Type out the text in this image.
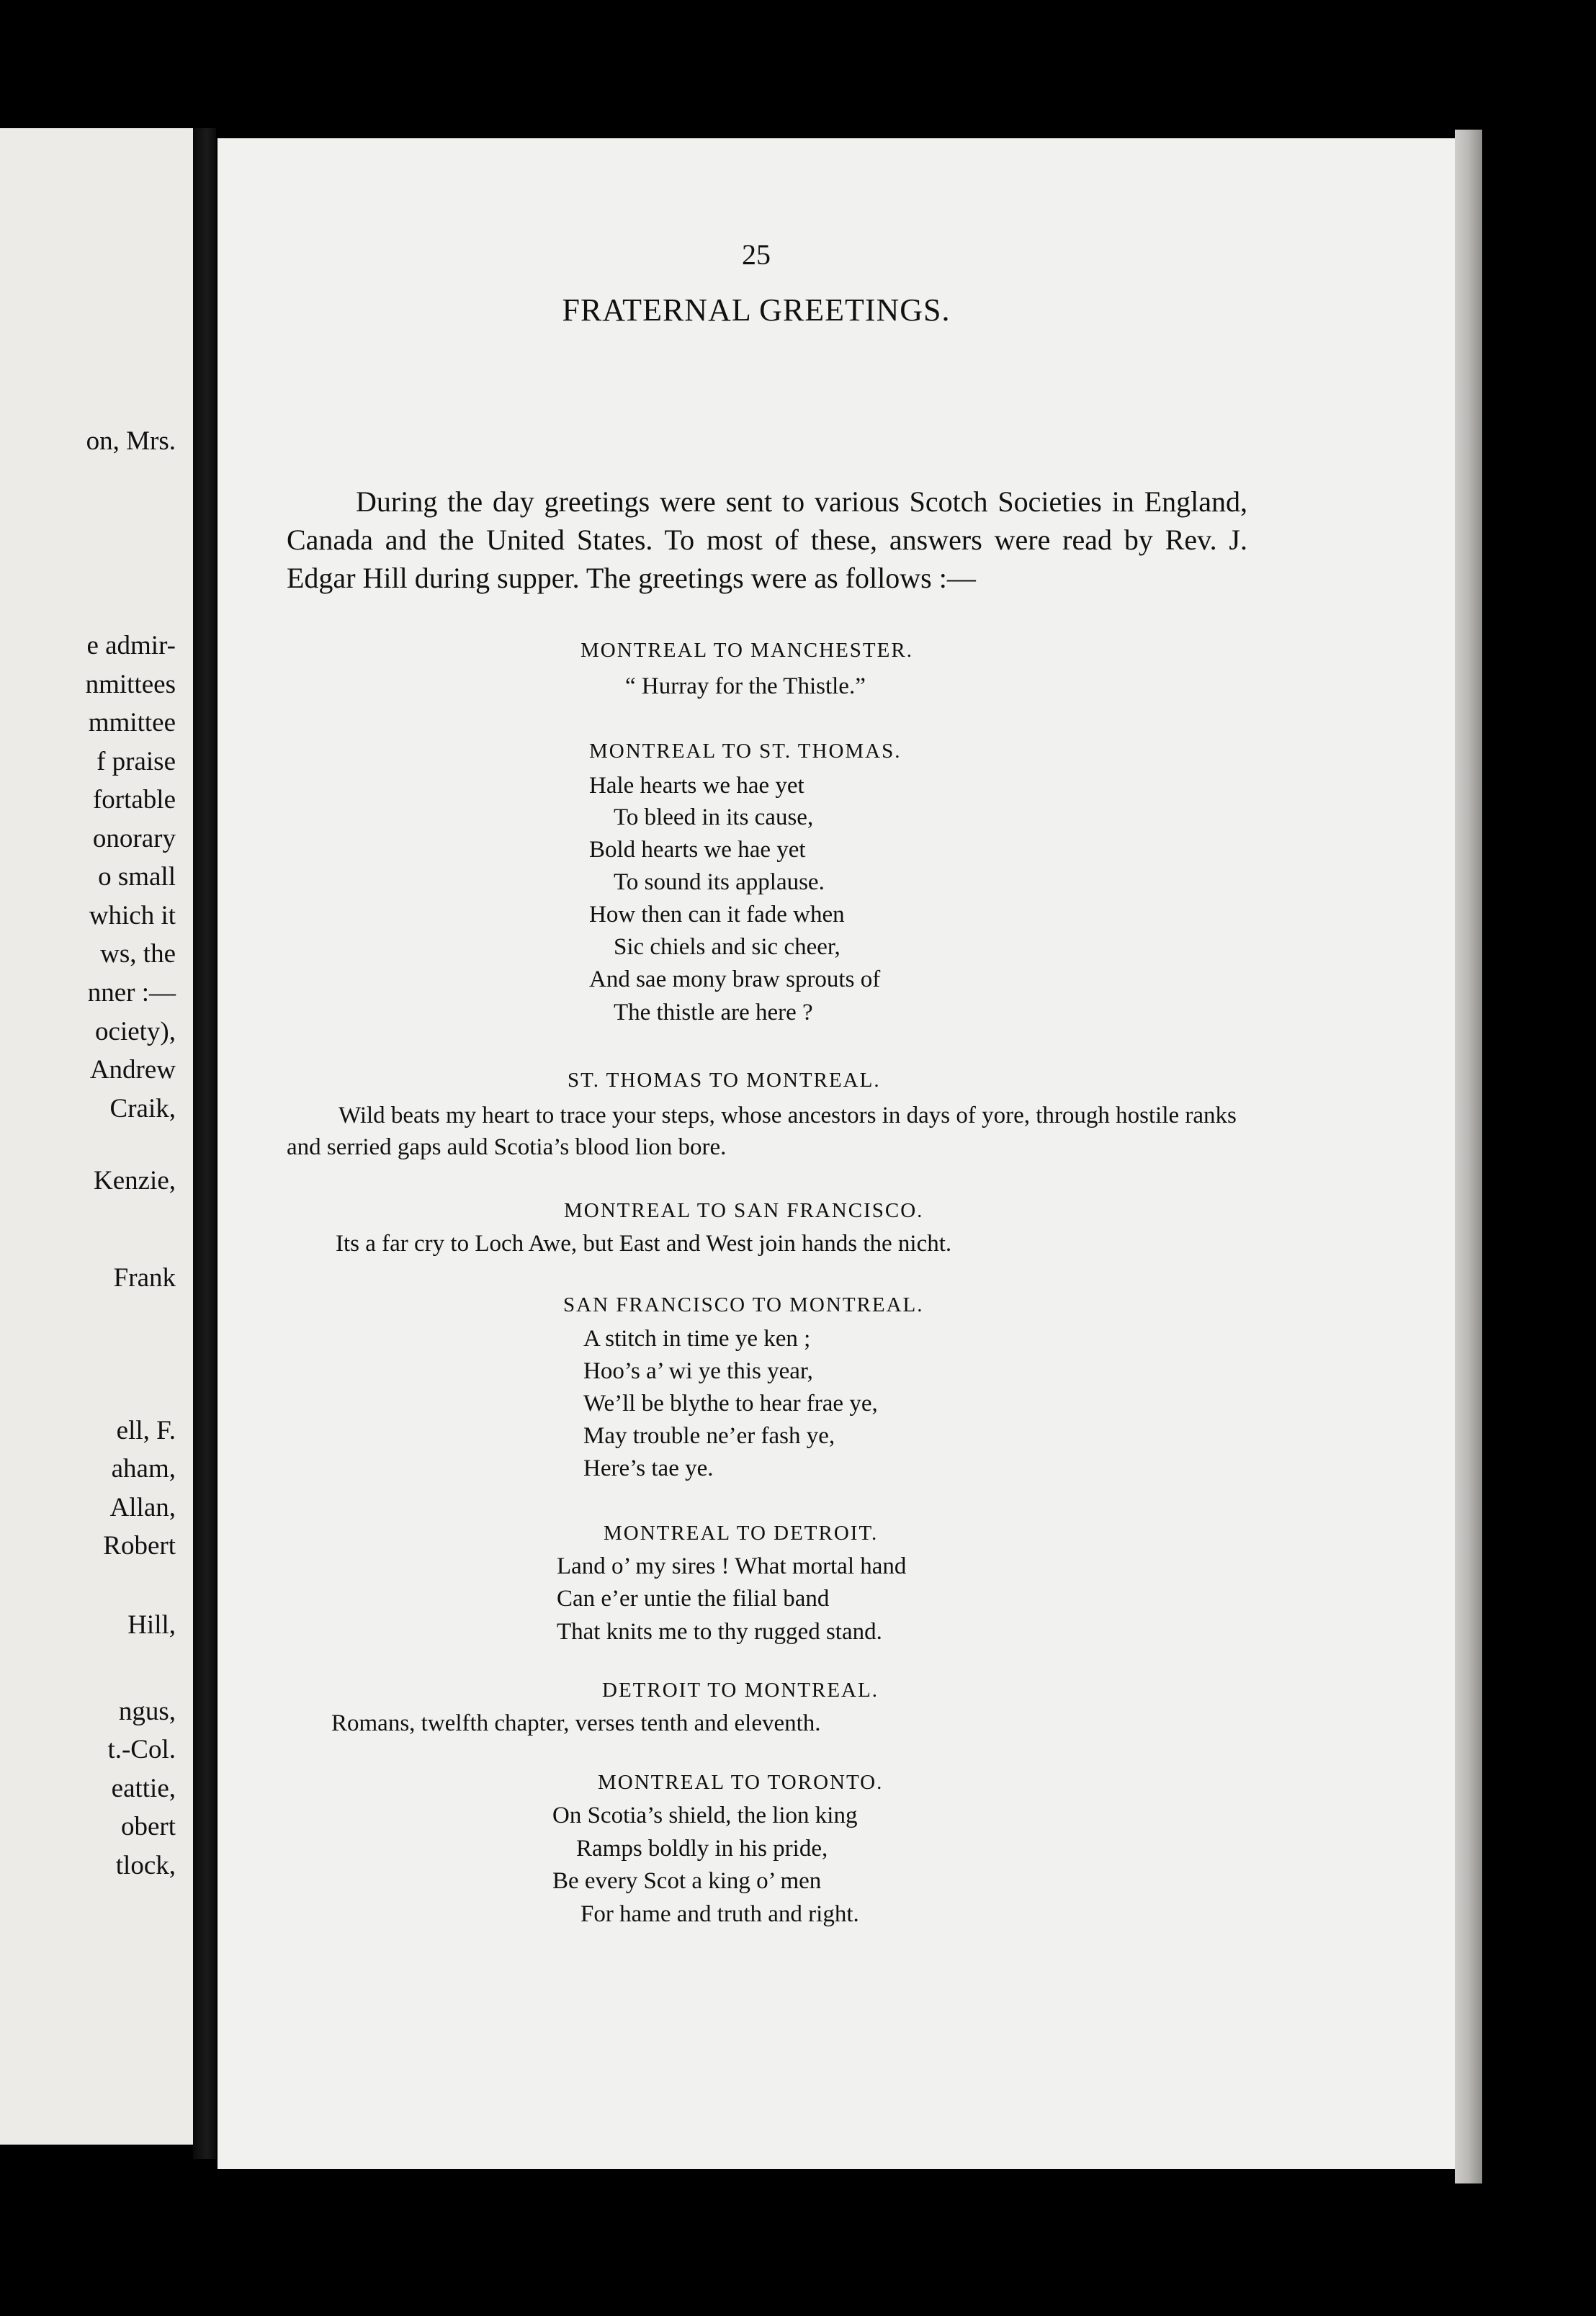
on, Mrs.
e admir-
nmittees
mmittee
f praise
fortable
onorary
o small
which it
ws, the
nner :—
ociety),
Andrew
Craik,
Kenzie,
Frank
ell, F.
aham,
Allan,
Robert
Hill,
ngus,
t.-Col.
eattie,
obert
tlock,
25
FRATERNAL GREETINGS.
During the day greetings were sent to various Scotch Societies in England, Canada and the United States. To most of these, answers were read by Rev. J. Edgar Hill during supper. The greetings were as follows :—
MONTREAL TO MANCHESTER.
“ Hurray for the Thistle.”
MONTREAL TO ST. THOMAS.
Hale hearts we hae yet
To bleed in its cause,
Bold hearts we hae yet
To sound its applause.
How then can it fade when
Sic chiels and sic cheer,
And sae mony braw sprouts of
The thistle are here ?
ST. THOMAS TO MONTREAL.
Wild beats my heart to trace your steps, whose ancestors in days of yore, through hostile ranks and serried gaps auld Scotia’s blood lion bore.
MONTREAL TO SAN FRANCISCO.
Its a far cry to Loch Awe, but East and West join hands the nicht.
SAN FRANCISCO TO MONTREAL.
A stitch in time ye ken ;
Hoo’s a’ wi ye this year,
We’ll be blythe to hear frae ye,
May trouble ne’er fash ye,
Here’s tae ye.
MONTREAL TO DETROIT.
Land o’ my sires ! What mortal hand
Can e’er untie the filial band
That knits me to thy rugged stand.
DETROIT TO MONTREAL.
Romans, twelfth chapter, verses tenth and eleventh.
MONTREAL TO TORONTO.
On Scotia’s shield, the lion king
Ramps boldly in his pride,
Be every Scot a king o’ men
For hame and truth and right.
